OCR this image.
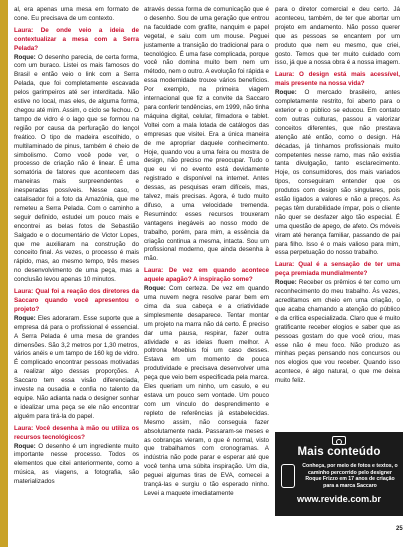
al, era apenas uma mesa em formato de cone. Eu precisava de um contexto.

Laura: De onde veio a ideia de contextualizar a mesa com a Serra Pelada?

Roque: O desenho parecia, de certa forma, com um buraco. Listei os mais famosos do Brasil e então veio o link com a Serra Pelada, que foi completamente escavada pelos garimpeiros até ser interditada. Não estive no local, mas eles, de alguma forma, chegou até mim. Assim, o ciclo se fechou. O tampo de vidro é o lago que se formou na região por causa da perfuração do lençol freático. O tipo de madeira escolhido, o multilaminado de pinus, também é cheio de simbolismo. Como você pode ver, o processo de criação não é linear. É uma somatória de fatores que acontecem das maneiras mais surpreendentes e inesperadas possíveis. Nesse caso, o catalisador foi a foto da Amazônia, que me remeteu a Serra Pelada. Com o caminho a seguir definido, estudei um pouco mais e encontrei as belas fotos de Sebastião Salgado e o documentário de Victor Lopes, que me auxiliaram na construção do conceito final. As vezes, o processo é mais rápido, mas, ao mesmo tempo, três meses no desenvolvimento de uma peça, mas a conclusão levou apenas 10 minutos.

Laura: Qual foi a reação dos diretores da Saccaro quando você apresentou o projeto?

Roque: Eles adoraram. Esse suporte que a empresa dá para o profissional é essencial. A Serra Pelada é uma mesa de grandes dimensões. São 3,2 metros por 1,30 metros, vários anéis e um tampo de 160 kg de vidro. É complicado encontrar pessoas motivadas a realizar algo dessas proporções. A Saccaro tem essa visão diferenciada, investe na ousadia e confia no talento da equipe. Não adianta nada o designer sonhar e idealizar uma peça se ele não encontrar alguém para tirá-la do papel.

Laura: Você desenha à mão ou utiliza os recursos tecnológicos?

Roque: O desenho é um ingrediente muito importante nesse processo. Todos os elementos que citei anteriormente, como a música, as viagens, a fotografia, são materializados

através dessa forma de comunicação que é o desenho. Sou de uma geração que entrou na faculdade com grafite, nanquim e papel vegetal, e saiu com um mouse. Peguei justamente a transição do tradicional para o tecnológico. É uma fase complicada, porque você não domina muito bem nem um método, nem o outro. A evolução foi rápida e essa modernidade trouxe vários benefícios. Por exemplo, na primeira viagem internacional que fiz a convite da Saccaro para conferir tendências, em 1999, não tinha máquina digital, celular, filmadora e tablet. Voltei com a mala lotada de catálogos das empresas que visitei. Era a única maneira de me apropriar daquele conhecimento. Hoje, quando vou a uma feira ou mostra de design, não preciso me preocupar. Tudo o que eu vi no evento está devidamente registrado e disponível na internet. Antes dessas, as pesquisas eram difíceis, mas, talvez, mais precisas. Agora, é tudo muito difuso, a uma velocidade tremenda. Resumindo: esses recursos trouxeram vantagens inegáveis ao nosso modo de trabalho, porém, para mim, a essência da criação continua a mesma, intacta. Sou um profissional moderno, que ainda desenha à mão.

Laura: De vez em quando acontece aquele apagão? A inspiração some?

Roque: Com certeza. De vez em quando uma nuvem negra resolve parar bem em cima da sua cabeça e a criatividade simplesmente desaparece. Tentar montar um projeto na marra não dá certo. É preciso dar uma pausa, respirar, fazer outra atividade e as ideias fluem melhor. A poltrona Moebius foi um caso desses. Estava em um momento de pouca produtividade e precisava desenvolver uma peça que veio bem especificada pela marca. Eles queriam um ninho, um casulo, e eu estava um pouco sem vontade. Um pouco com um vínculo do desprendimento e repleto de referências já estabelecidas. Mesmo assim, não conseguia fazer absolutamente nada. Passaram-se meses e as cobranças vieram, o que é normal, visto que trabalhamos com cronogramas. A indústria não pode parar e esperar até que você tenha uma súbita inspiração. Um dia, peguei algumas tiras de EVA, comecei a trançá-las e surgiu o tão esperado ninho. Levei a maquete imediatamente

para o diretor comercial e deu certo. Já aconteceu, também, de ter que abortar um projeto em andamento. Não posso querer que as pessoas se encantem por um produto que nem eu mesmo, que criei, gosto. Temos que ter muito cuidado com isso, já que a nossa obra é a nossa imagem.

Laura: O design está mais acessível, mais presente na nossa vida?

Roque: O mercado brasileiro, antes completamente restrito, foi aberto para o exterior e o público se educou. Em contato com outras culturas, passou a valorizar conceitos diferentes, que não prestava atenção até então, como o design. Há décadas, já tínhamos profissionais muito competentes nesse ramo, mas não existia tanta divulgação, tanto esclarecimento. Hoje, os consumidores, dos mais variados tipos, conseguiram entender que os produtos com design são singulares, pois estão ligados a valores e não a preços. As peças têm durabilidade ímpar, pois o cliente não quer se desfazer algo tão especial. É uma questão de apego, de afeto. Os móveis viram até herança familiar, passando de pai para filho. Isso é o mais valioso para mim, essa perpetuação do nosso trabalho.

Laura: Qual é a sensação de ter uma peça premiada mundialmente?

Roque: Receber os prêmios é ter como um reconhecimento do meu trabalho. Às vezes, acreditamos em cheio em uma criação, o que acaba chamando a atenção do público e da crítica especializada. Claro que é muito gratificante receber elogios e saber que as pessoas gostam do que você criou, mas esse não é meu foco. Não produzo as minhas peças pensando nos concursos ou nos elogios que vou receber. Quando isso acontece, é algo natural, o que me deixa muito feliz.

Mais conteúdo
Conheça, por meio de fotos e textos, o caminho percorrido pelo designer Roque Frizzo em 17 anos de criação para a marca Saccaro
www.revide.com.br
25
